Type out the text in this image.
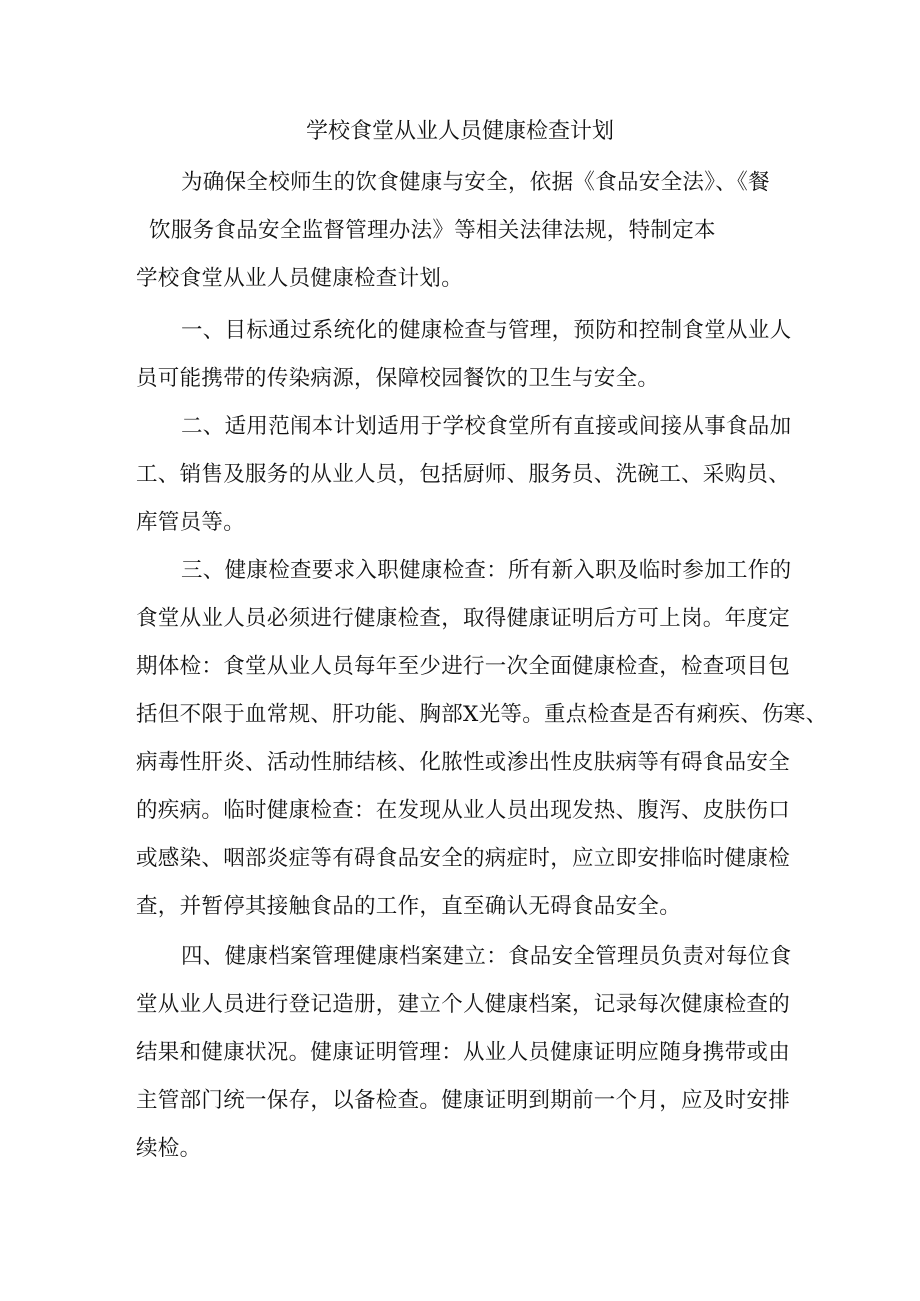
学校食堂从业人员健康检查计划
为确保全校师生的饮食健康与安全，依据《食品安全法》、《餐
饮服务食品安全监督管理办法》等相关法律法规，特制定本
学校食堂从业人员健康检查计划。
一、目标通过系统化的健康检查与管理，预防和控制食堂从业人
员可能携带的传染病源，保障校园餐饮的卫生与安全。
二、适用范闱本计划适用于学校食堂所有直接或间接从事食品加
工、销售及服务的从业人员，包括厨师、服务员、洗碗工、采购员、
库管员等。
三、健康检查要求入职健康检查：所有新入职及临时参加工作的
食堂从业人员必须进行健康检查，取得健康证明后方可上岗。年度定
期体检：食堂从业人员每年至少进行一次全面健康检查，检查项目包
括但不限于血常规、肝功能、胸部X光等。重点检查是否有痢疾、伤寒、
病毒性肝炎、活动性肺结核、化脓性或渗出性皮肤病等有碍食品安全
的疾病。临时健康检查：在发现从业人员出现发热、腹泻、皮肤伤口
或感染、咽部炎症等有碍食品安全的病症时，应立即安排临时健康检
查，并暂停其接触食品的工作，直至确认无碍食品安全。
四、健康档案管理健康档案建立：食品安全管理员负责对每位食
堂从业人员进行登记造册，建立个人健康档案，记录每次健康检查的
结果和健康状况。健康证明管理：从业人员健康证明应随身携带或由
主管部门统一保存，以备检查。健康证明到期前一个月，应及时安排
续检。
